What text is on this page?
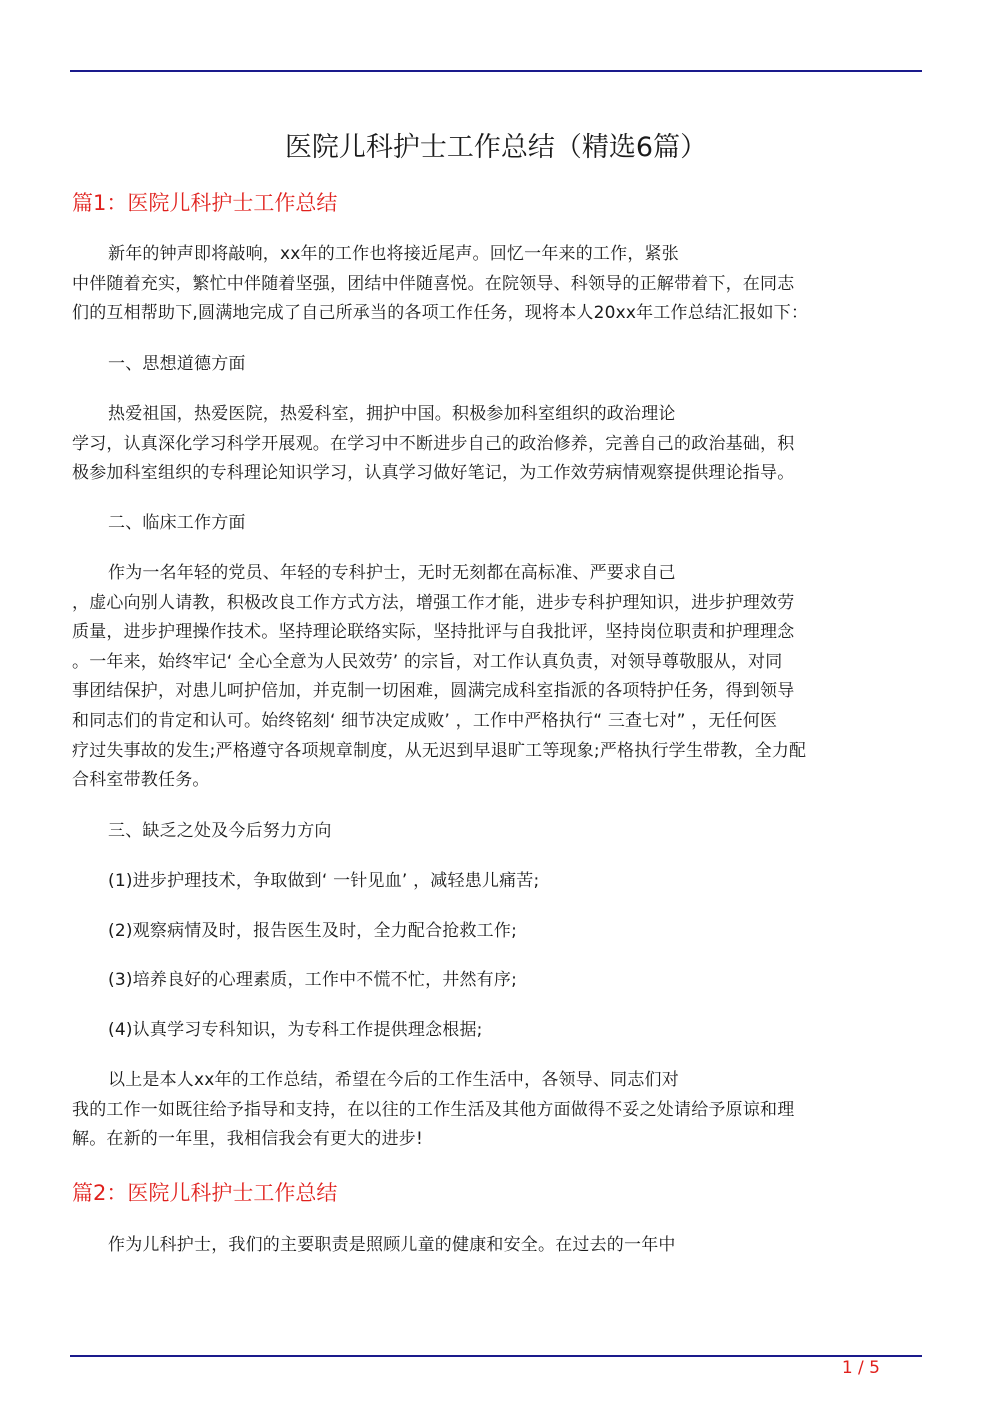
医院儿科护士工作总结（精选6篇）
篇1：医院儿科护士工作总结
新年的钟声即将敲响，xx年的工作也将接近尾声。回忆一年来的工作，紧张
中伴随着充实，繁忙中伴随着坚强，团结中伴随喜悦。在院领导、科领导的正解带着下，在同志
们的互相帮助下,圆满地完成了自己所承当的各项工作任务，现将本人20xx年工作总结汇报如下：
一、思想道德方面
热爱祖国，热爱医院，热爱科室，拥护中国。积极参加科室组织的政治理论
学习，认真深化学习科学开展观。在学习中不断进步自己的政治修养，完善自己的政治基础，积
极参加科室组织的专科理论知识学习，认真学习做好笔记，为工作效劳病情观察提供理论指导。
二、临床工作方面
作为一名年轻的党员、年轻的专科护士，无时无刻都在高标准、严要求自己
，虚心向别人请教，积极改良工作方式方法，增强工作才能，进步专科护理知识，进步护理效劳
质量，进步护理操作技术。坚持理论联络实际，坚持批评与自我批评，坚持岗位职责和护理理念
。一年来，始终牢记‘ 全心全意为人民效劳’ 的宗旨，对工作认真负责，对领导尊敬服从，对同
事团结保护，对患儿呵护倍加，并克制一切困难，圆满完成科室指派的各项特护任务，得到领导
和同志们的肯定和认可。始终铭刻‘ 细节决定成败’ ，工作中严格执行“ 三查七对” ，无任何医
疗过失事故的发生;严格遵守各项规章制度，从无迟到早退旷工等现象;严格执行学生带教，全力配
合科室带教任务。
三、缺乏之处及今后努力方向
(1)进步护理技术，争取做到‘ 一针见血’ ，减轻患儿痛苦;
(2)观察病情及时，报告医生及时，全力配合抢救工作;
(3)培养良好的心理素质，工作中不慌不忙，井然有序;
(4)认真学习专科知识，为专科工作提供理念根据;
以上是本人xx年的工作总结，希望在今后的工作生活中，各领导、同志们对
我的工作一如既往给予指导和支持，在以往的工作生活及其他方面做得不妥之处请给予原谅和理
解。在新的一年里，我相信我会有更大的进步!
篇2：医院儿科护士工作总结
作为儿科护士，我们的主要职责是照顾儿童的健康和安全。在过去的一年中
1 / 5
